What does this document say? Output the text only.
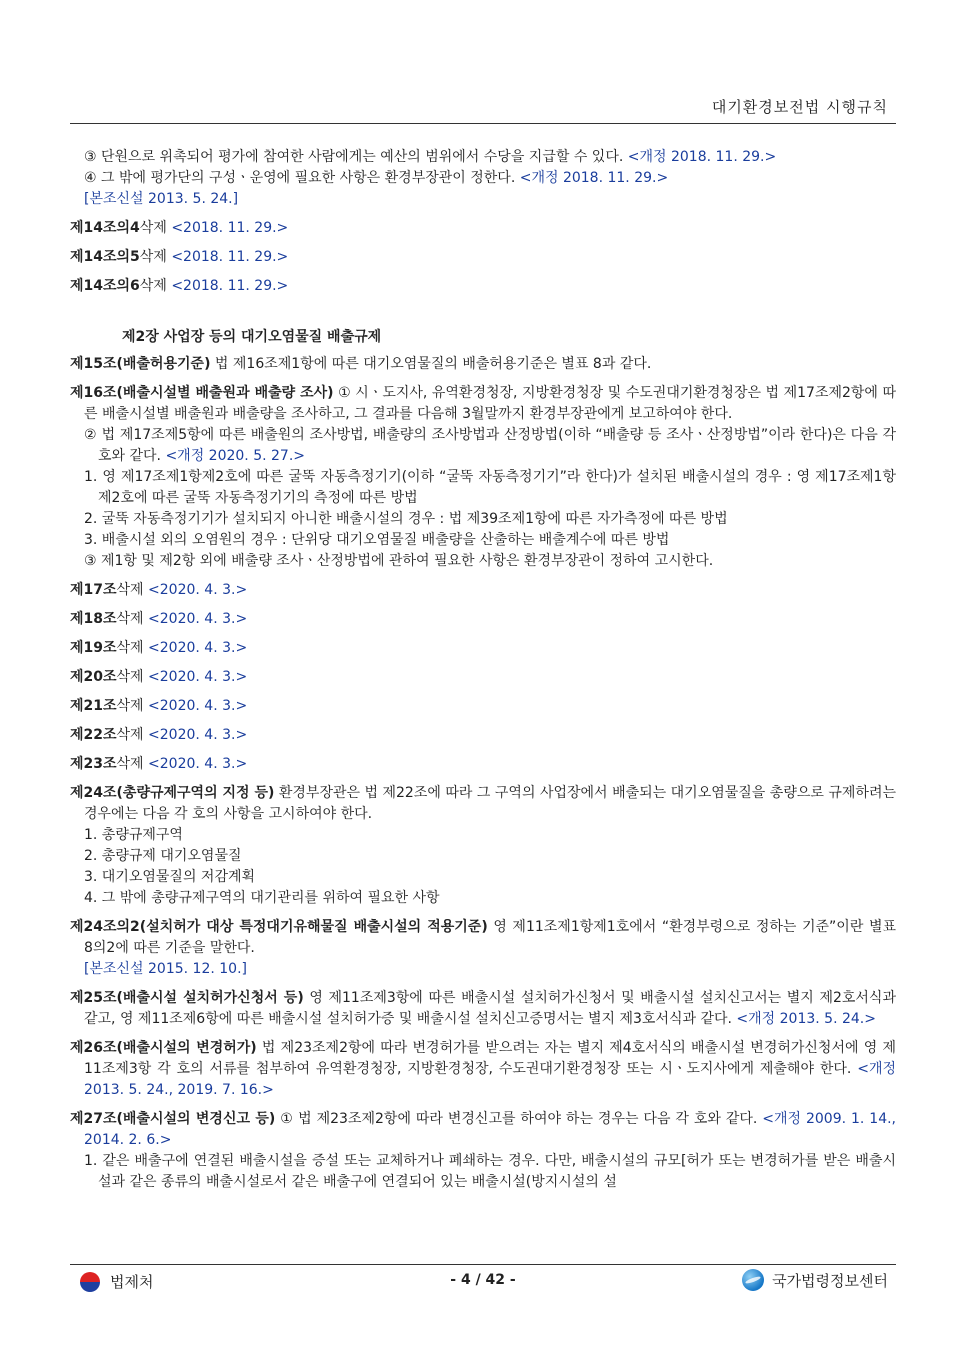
대기환경보전법 시행규칙

③ 단원으로 위촉되어 평가에 참여한 사람에게는 예산의 범위에서 수당을 지급할 수 있다. <개정 2018. 11. 29.>

④ 그 밖에 평가단의 구성ㆍ운영에 필요한 사항은 환경부장관이 정한다. <개정 2018. 11. 29.>

[본조신설 2013. 5. 24.]

제14조의4삭제 <2018. 11. 29.>

제14조의5삭제 <2018. 11. 29.>

제14조의6삭제 <2018. 11. 29.>

제2장 사업장 등의 대기오염물질 배출규제

제15조(배출허용기준) 법 제16조제1항에 따른 대기오염물질의 배출허용기준은 별표 8과 같다.

제16조(배출시설별 배출원과 배출량 조사) ① 시ㆍ도지사, 유역환경청장, 지방환경청장 및 수도권대기환경청장은 법 제17조제2항에 따른 배출시설별 배출원과 배출량을 조사하고, 그 결과를 다음해 3월말까지 환경부장관에게 보고하여야 한다.

② 법 제17조제5항에 따른 배출원의 조사방법, 배출량의 조사방법과 산정방법(이하 “배출량 등 조사ㆍ산정방법”이라 한다)은 다음 각 호와 같다. <개정 2020. 5. 27.>

1. 영 제17조제1항제2호에 따른 굴뚝 자동측정기기(이하 “굴뚝 자동측정기기”라 한다)가 설치된 배출시설의 경우 : 영 제17조제1항제2호에 따른 굴뚝 자동측정기기의 측정에 따른 방법

2. 굴뚝 자동측정기기가 설치되지 아니한 배출시설의 경우 : 법 제39조제1항에 따른 자가측정에 따른 방법

3. 배출시설 외의 오염원의 경우 : 단위당 대기오염물질 배출량을 산출하는 배출계수에 따른 방법

③ 제1항 및 제2항 외에 배출량 조사ㆍ산정방법에 관하여 필요한 사항은 환경부장관이 정하여 고시한다.

제17조삭제 <2020. 4. 3.>

제18조삭제 <2020. 4. 3.>

제19조삭제 <2020. 4. 3.>

제20조삭제 <2020. 4. 3.>

제21조삭제 <2020. 4. 3.>

제22조삭제 <2020. 4. 3.>

제23조삭제 <2020. 4. 3.>

제24조(총량규제구역의 지정 등) 환경부장관은 법 제22조에 따라 그 구역의 사업장에서 배출되는 대기오염물질을 총량으로 규제하려는 경우에는 다음 각 호의 사항을 고시하여야 한다.

1. 총량규제구역

2. 총량규제 대기오염물질

3. 대기오염물질의 저감계획

4. 그 밖에 총량규제구역의 대기관리를 위하여 필요한 사항

제24조의2(설치허가 대상 특정대기유해물질 배출시설의 적용기준) 영 제11조제1항제1호에서 “환경부령으로 정하는 기준”이란 별표 8의2에 따른 기준을 말한다.

[본조신설 2015. 12. 10.]

제25조(배출시설 설치허가신청서 등) 영 제11조제3항에 따른 배출시설 설치허가신청서 및 배출시설 설치신고서는 별지 제2호서식과 같고, 영 제11조제6항에 따른 배출시설 설치허가증 및 배출시설 설치신고증명서는 별지 제3호서식과 같다. <개정 2013. 5. 24.>

제26조(배출시설의 변경허가) 법 제23조제2항에 따라 변경허가를 받으려는 자는 별지 제4호서식의 배출시설 변경허가신청서에 영 제11조제3항 각 호의 서류를 첨부하여 유역환경청장, 지방환경청장, 수도권대기환경청장 또는 시ㆍ도지사에게 제출해야 한다. <개정 2013. 5. 24., 2019. 7. 16.>

제27조(배출시설의 변경신고 등) ① 법 제23조제2항에 따라 변경신고를 하여야 하는 경우는 다음 각 호와 같다. <개정 2009. 1. 14., 2014. 2. 6.>

1. 같은 배출구에 연결된 배출시설을 증설 또는 교체하거나 폐쇄하는 경우. 다만, 배출시설의 규모[허가 또는 변경허가를 받은 배출시설과 같은 종류의 배출시설로서 같은 배출구에 연결되어 있는 배출시설(방지시설의 설

법제처	- 4 / 42 -	국가법령정보센터
